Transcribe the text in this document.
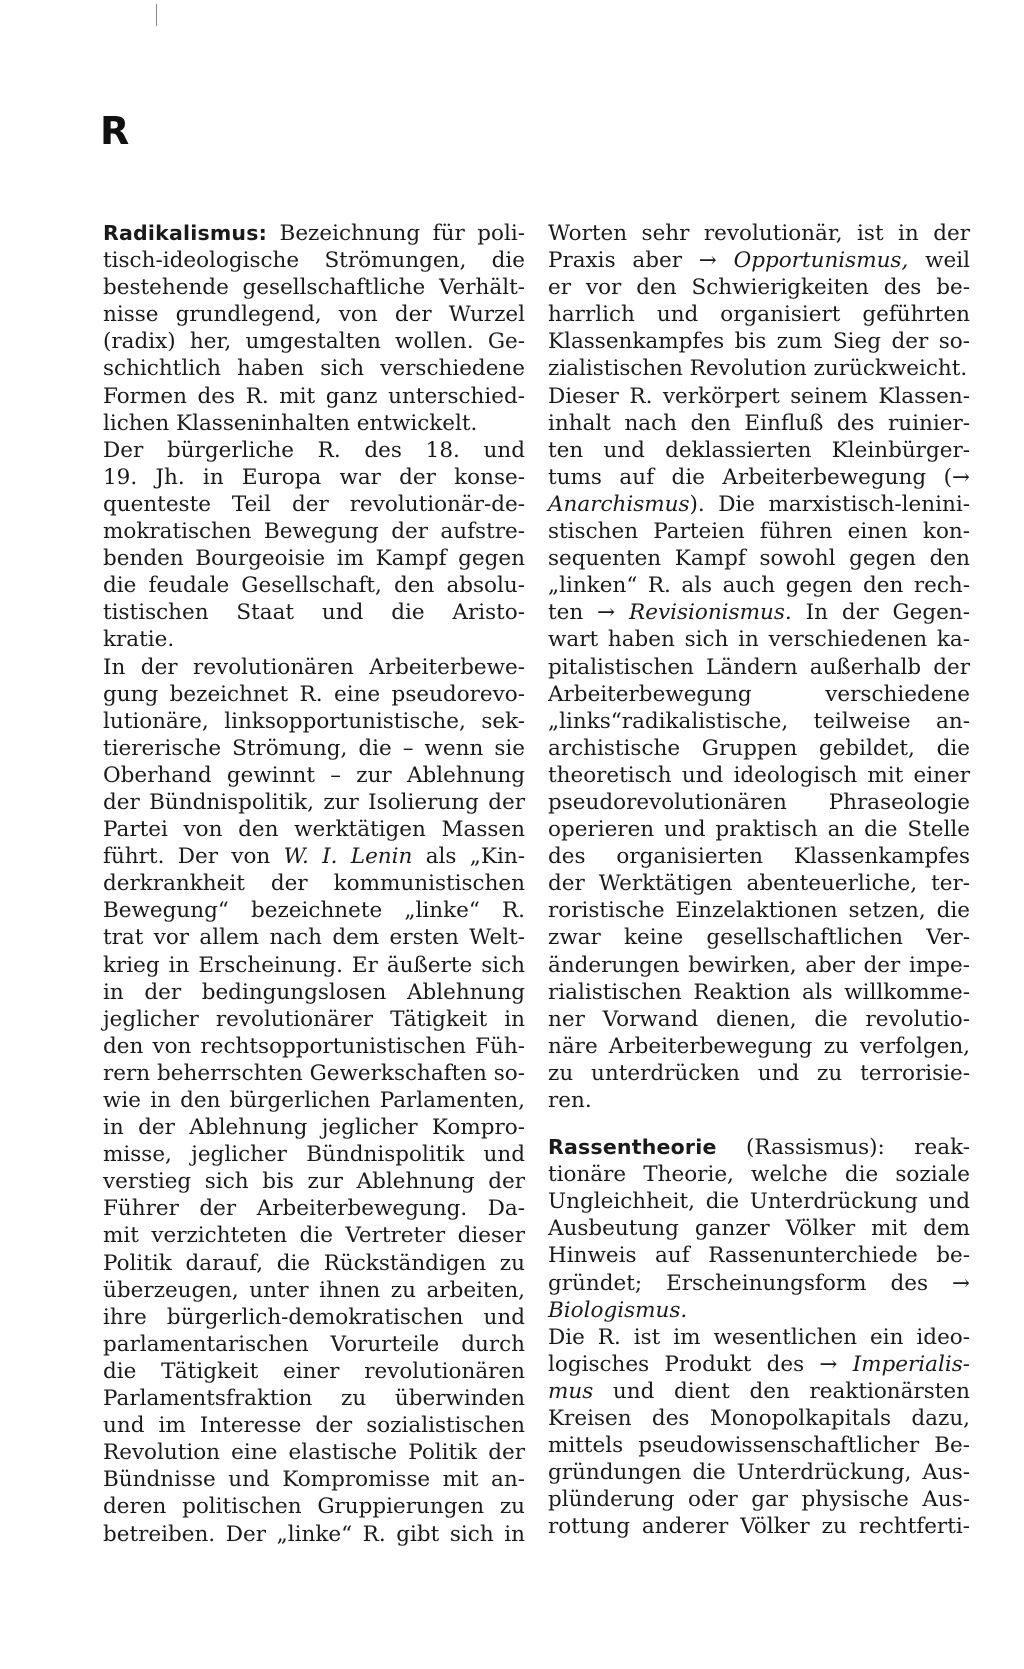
R
Radikalismus: Bezeichnung für poli-
tisch-ideologische Strömungen, die
bestehende gesellschaftliche Verhält-
nisse grundlegend, von der Wurzel
(radix) her, umgestalten wollen. Ge-
schichtlich haben sich verschiedene
Formen des R. mit ganz unterschied-
lichen Klasseninhalten entwickelt.
Der bürgerliche R. des 18. und
19. Jh. in Europa war der konse-
quenteste Teil der revolutionär-de-
mokratischen Bewegung der aufstre-
benden Bourgeoisie im Kampf gegen
die feudale Gesellschaft, den absolu-
tistischen Staat und die Aristo-
kratie.
In der revolutionären Arbeiterbewe-
gung bezeichnet R. eine pseudorevo-
lutionäre, linksopportunistische, sek-
tiererische Strömung, die – wenn sie
Oberhand gewinnt – zur Ablehnung
der Bündnispolitik, zur Isolierung der
Partei von den werktätigen Massen
führt. Der von W. I. Lenin als „Kin-
derkrankheit der kommunistischen
Bewegung“ bezeichnete „linke“ R.
trat vor allem nach dem ersten Welt-
krieg in Erscheinung. Er äußerte sich
in der bedingungslosen Ablehnung
jeglicher revolutionärer Tätigkeit in
den von rechtsopportunistischen Füh-
rern beherrschten Gewerkschaften so-
wie in den bürgerlichen Parlamenten,
in der Ablehnung jeglicher Kompro-
misse, jeglicher Bündnispolitik und
verstieg sich bis zur Ablehnung der
Führer der Arbeiterbewegung. Da-
mit verzichteten die Vertreter dieser
Politik darauf, die Rückständigen zu
überzeugen, unter ihnen zu arbeiten,
ihre bürgerlich-demokratischen und
parlamentarischen Vorurteile durch
die Tätigkeit einer revolutionären
Parlamentsfraktion zu überwinden
und im Interesse der sozialistischen
Revolution eine elastische Politik der
Bündnisse und Kompromisse mit an-
deren politischen Gruppierungen zu
betreiben. Der „linke“ R. gibt sich in
Worten sehr revolutionär, ist in der
Praxis aber → Opportunismus, weil
er vor den Schwierigkeiten des be-
harrlich und organisiert geführten
Klassenkampfes bis zum Sieg der so-
zialistischen Revolution zurückweicht.
Dieser R. verkörpert seinem Klassen-
inhalt nach den Einfluß des ruinier-
ten und deklassierten Kleinbürger-
tums auf die Arbeiterbewegung (→
Anarchismus). Die marxistisch-lenini-
stischen Parteien führen einen kon-
sequenten Kampf sowohl gegen den
„linken“ R. als auch gegen den rech-
ten → Revisionismus. In der Gegen-
wart haben sich in verschiedenen ka-
pitalistischen Ländern außerhalb der
Arbeiterbewegung verschiedene
„links“radikalistische, teilweise an-
archistische Gruppen gebildet, die
theoretisch und ideologisch mit einer
pseudorevolutionären Phraseologie
operieren und praktisch an die Stelle
des organisierten Klassenkampfes
der Werktätigen abenteuerliche, ter-
roristische Einzelaktionen setzen, die
zwar keine gesellschaftlichen Ver-
änderungen bewirken, aber der impe-
rialistischen Reaktion als willkomme-
ner Vorwand dienen, die revolutio-
näre Arbeiterbewegung zu verfolgen,
zu unterdrücken und zu terrorisie-
ren.
Rassentheorie (Rassismus): reak-
tionäre Theorie, welche die soziale
Ungleichheit, die Unterdrückung und
Ausbeutung ganzer Völker mit dem
Hinweis auf Rassenunterchiede be-
gründet; Erscheinungsform des →
Biologismus.
Die R. ist im wesentlichen ein ideo-
logisches Produkt des → Imperialis-
mus und dient den reaktionärsten
Kreisen des Monopolkapitals dazu,
mittels pseudowissenschaftlicher Be-
gründungen die Unterdrückung, Aus-
plünderung oder gar physische Aus-
rottung anderer Völker zu rechtferti-
